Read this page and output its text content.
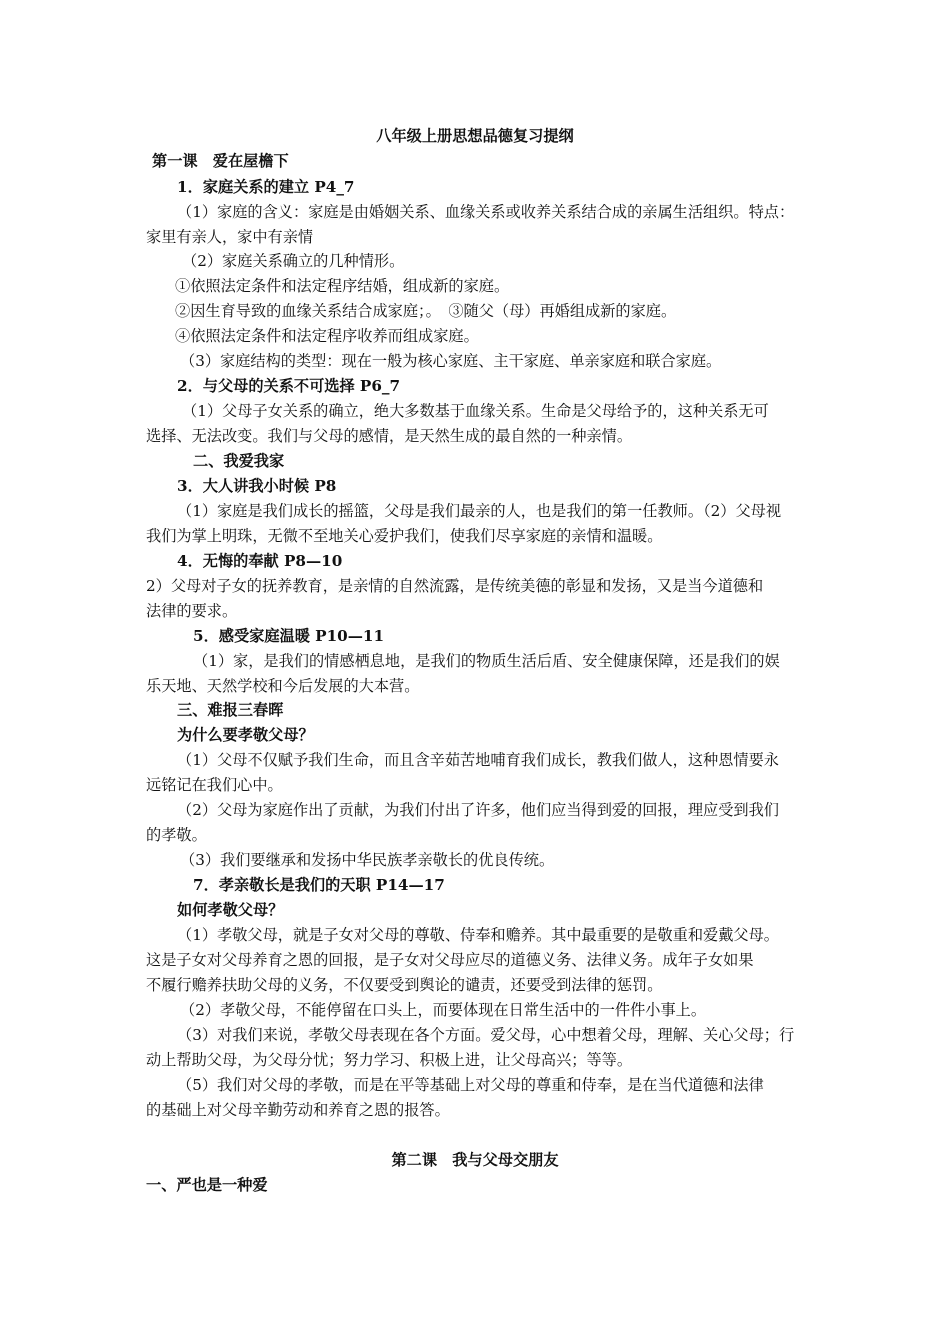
八年级上册思想品德复习提纲
第一课　爱在屋檐下
1．家庭关系的建立 P4_7
（1）家庭的含义：家庭是由婚姻关系、血缘关系或收养关系结合成的亲属生活组织。特点：
家里有亲人，家中有亲情
（2）家庭关系确立的几种情形。
①依照法定条件和法定程序结婚，组成新的家庭。
②因生育导致的血缘关系结合成家庭；。　③随父（母）再婚组成新的家庭。
④依照法定条件和法定程序收养而组成家庭。
（3）家庭结构的类型：现在一般为核心家庭、主干家庭、单亲家庭和联合家庭。
2．与父母的关系不可选择 P6_7
（1）父母子女关系的确立，绝大多数基于血缘关系。生命是父母给予的，这种关系无可
选择、无法改变。我们与父母的感情，是天然生成的最自然的一种亲情。
二、我爱我家
3．大人讲我小时候 P8
（1）家庭是我们成长的摇篮，父母是我们最亲的人，也是我们的第一任教师。（2）父母视
我们为掌上明珠，无微不至地关心爱护我们，使我们尽享家庭的亲情和温暖。
4．无悔的奉献 P8—10
2）父母对子女的抚养教育，是亲情的自然流露，是传统美德的彰显和发扬，又是当今道德和
法律的要求。
5．感受家庭温暖 P10—11
（1）家，是我们的情感栖息地，是我们的物质生活后盾、安全健康保障，还是我们的娱
乐天地、天然学校和今后发展的大本营。
三、难报三春晖
为什么要孝敬父母？
（1）父母不仅赋予我们生命，而且含辛茹苦地哺育我们成长，教我们做人，这种恩情要永
远铭记在我们心中。
（2）父母为家庭作出了贡献，为我们付出了许多，他们应当得到爱的回报，理应受到我们
的孝敬。
（3）我们要继承和发扬中华民族孝亲敬长的优良传统。
7．孝亲敬长是我们的天职 P14—17
如何孝敬父母？
（1）孝敬父母，就是子女对父母的尊敬、侍奉和赡养。其中最重要的是敬重和爱戴父母。
这是子女对父母养育之恩的回报，是子女对父母应尽的道德义务、法律义务。成年子女如果
不履行赡养扶助父母的义务，不仅要受到舆论的谴责，还要受到法律的惩罚。
（2）孝敬父母，不能停留在口头上，而要体现在日常生活中的一件件小事上。
（3）对我们来说，孝敬父母表现在各个方面。爱父母，心中想着父母，理解、关心父母；行
动上帮助父母，为父母分忧；努力学习、积极上进，让父母高兴；等等。
（5）我们对父母的孝敬，而是在平等基础上对父母的尊重和侍奉，是在当代道德和法律
的基础上对父母辛勤劳动和养育之恩的报答。
第二课　我与父母交朋友
一、严也是一种爱
